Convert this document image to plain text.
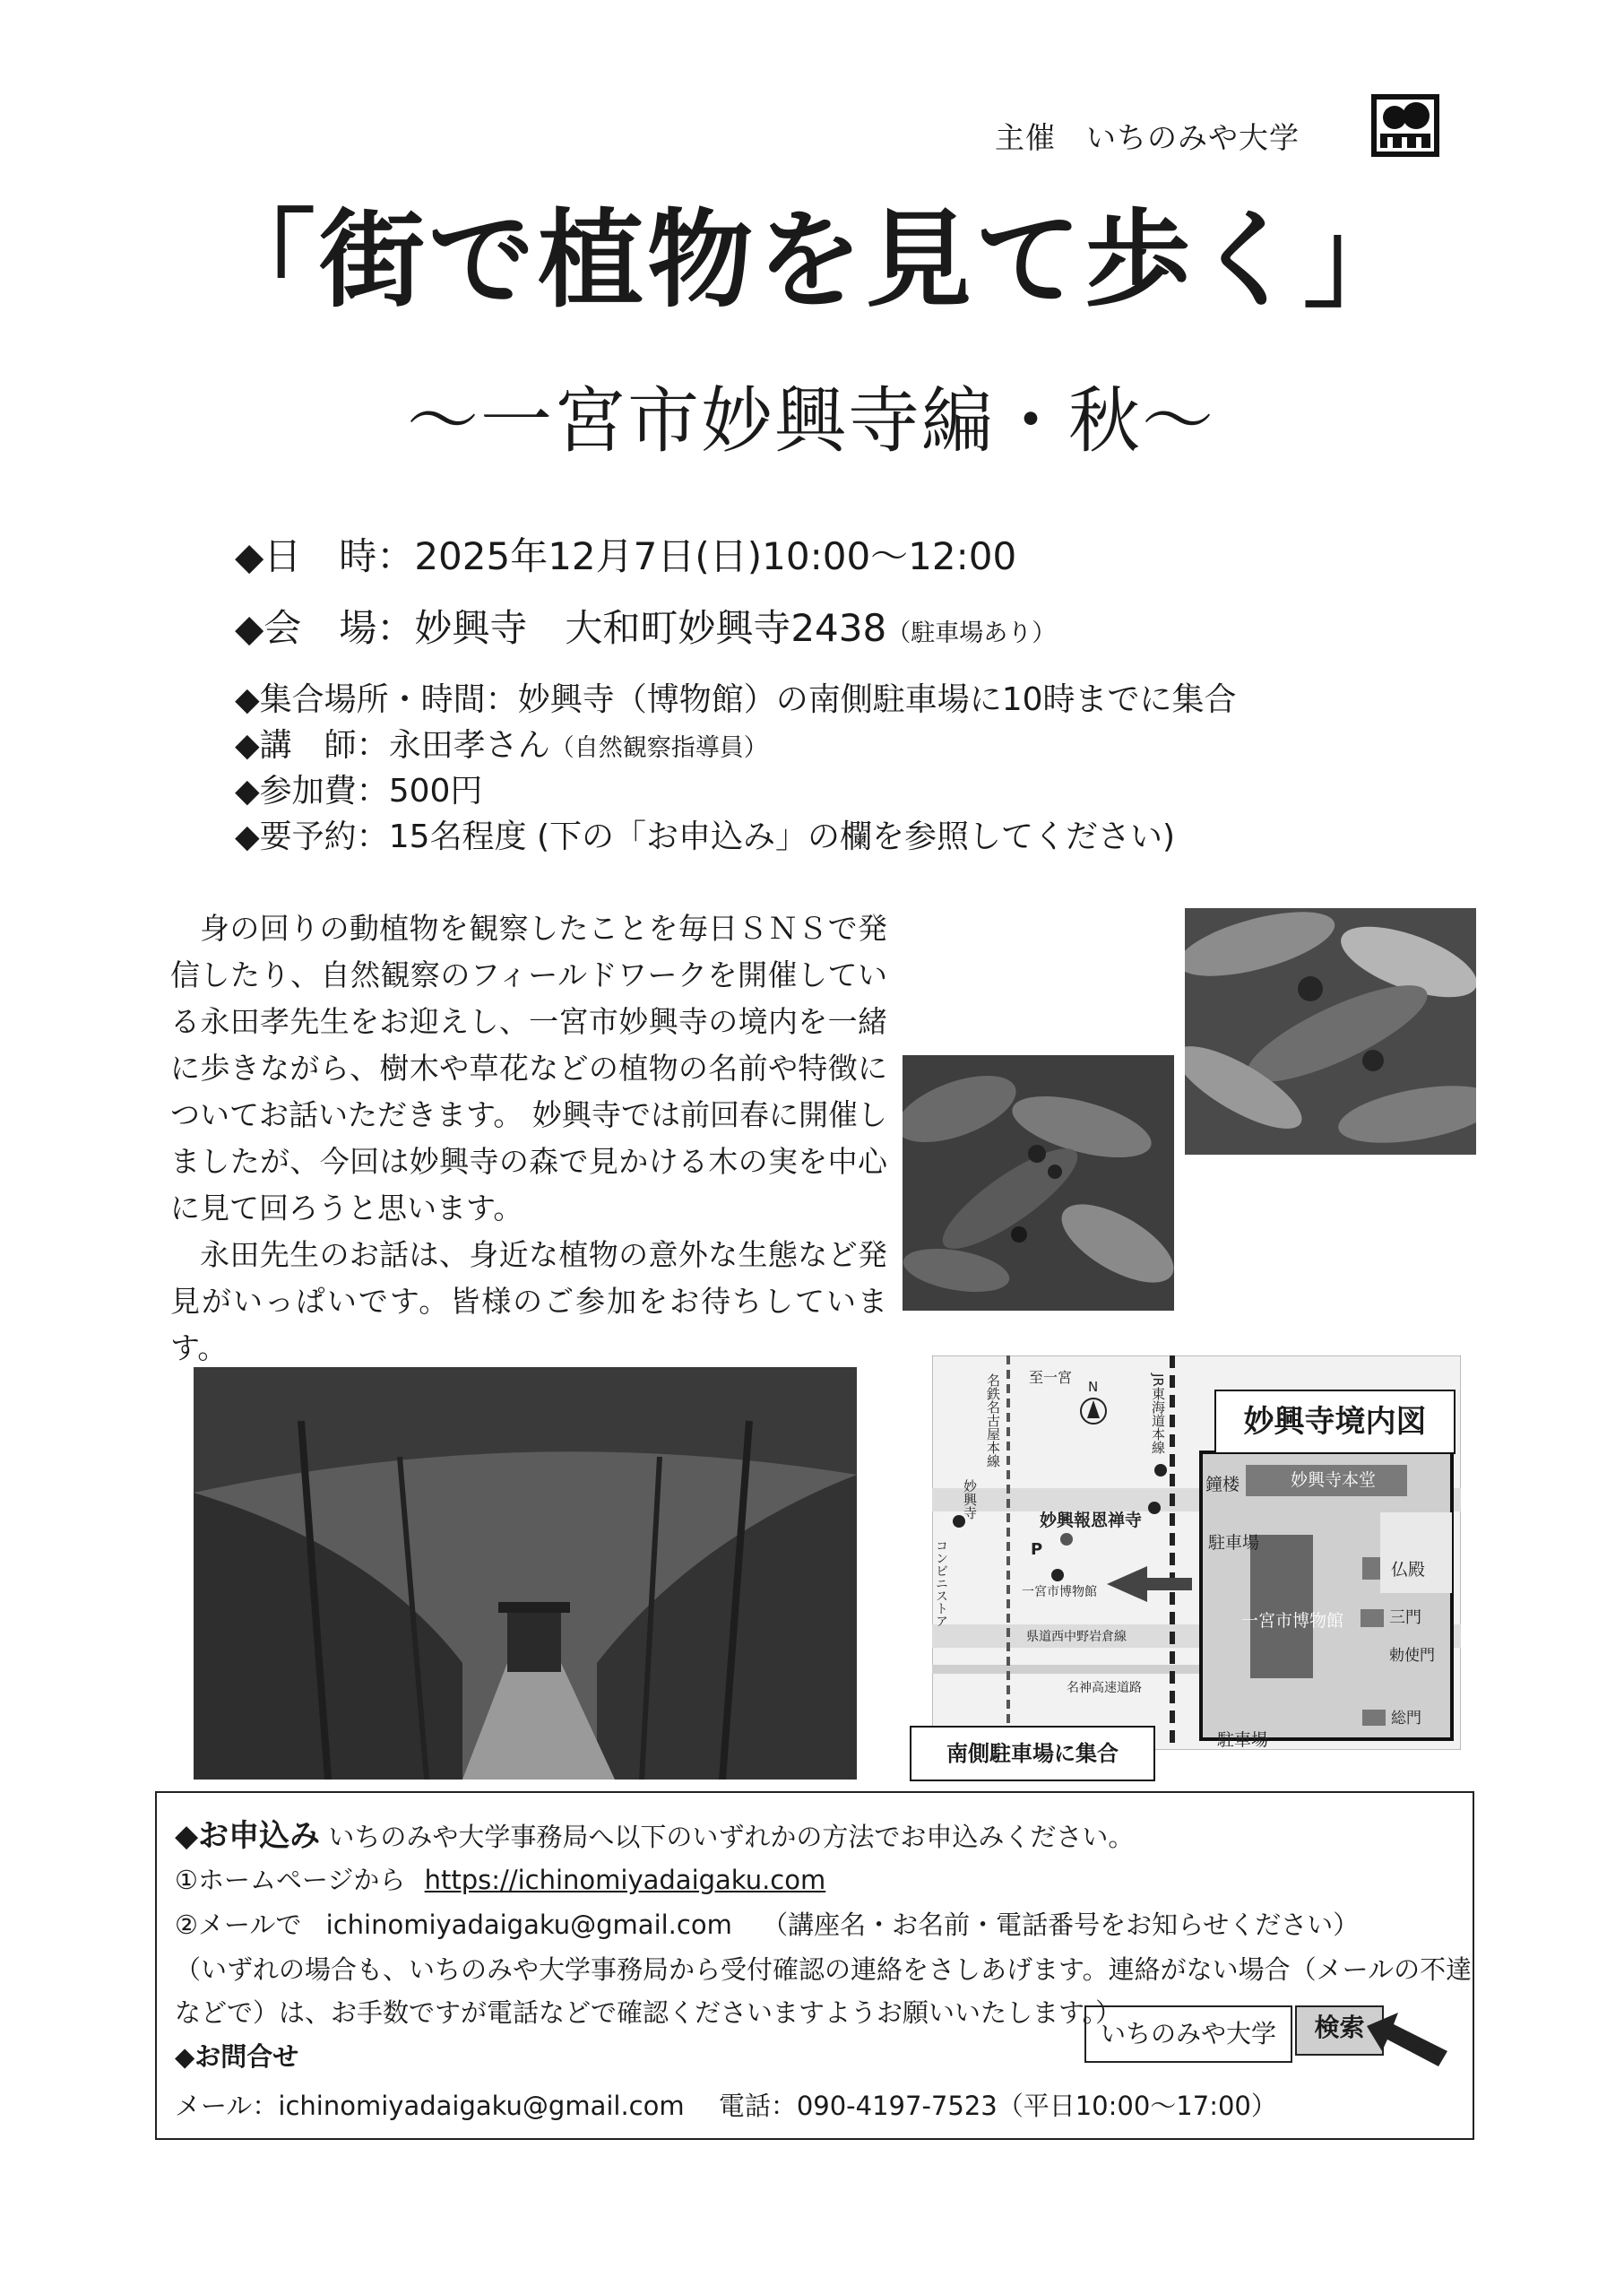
主催　いちのみや大学
「街で植物を見て歩く」
～一宮市妙興寺編・秋～
◆日　時：2025年12月7日(日)10:00～12:00
◆会　場：妙興寺　大和町妙興寺2438（駐車場あり）
◆集合場所・時間：妙興寺（博物館）の南側駐車場に10時までに集合
◆講　師：永田孝さん（自然観察指導員）
◆参加費：500円
◆要予約：15名程度 (下の「お申込み」の欄を参照してください)

身の回りの動植物を観察したことを毎日ＳＮＳで発信したり、自然観察のフィールドワークを開催している永田孝先生をお迎えし、一宮市妙興寺の境内を一緒に歩きながら、樹木や草花などの植物の名前や特徴についてお話いただきます。 妙興寺では前回春に開催しましたが、今回は妙興寺の森で見かける木の実を中心に見て回ろうと思います。

永田先生のお話は、身近な植物の意外な生態など発見がいっぱいです。皆様のご参加をお待ちしています。

至一宮
N
名鉄名古屋本線	JR東海道本線
妙興寺
コンビニストア
妙興報恩禅寺
P
一宮市博物館
県道西中野岩倉線
名神高速道路
鐘楼	妙興寺本堂
駐車場
仏殿
三門
一宮市博物館
勅使門
総門
駐車場
妙興寺境内図
南側駐車場に集合
◆お申込み いちのみや大学事務局へ以下のいずれかの方法でお申込みください。
①ホームページから https://ichinomiyadaigaku.com
②メールで ichinomiyadaigaku@gmail.com （講座名・お名前・電話番号をお知らせください）
（いずれの場合も、いちのみや大学事務局から受付確認の連絡をさしあげます。連絡がない場合（メールの不達
などで）は、お手数ですが電話などで確認くださいますようお願いいたします。）
◆お問合せ
メール：ichinomiyadaigaku@gmail.com　 電話：090-4197-7523（平日10:00～17:00）
いちのみや大学	検索
